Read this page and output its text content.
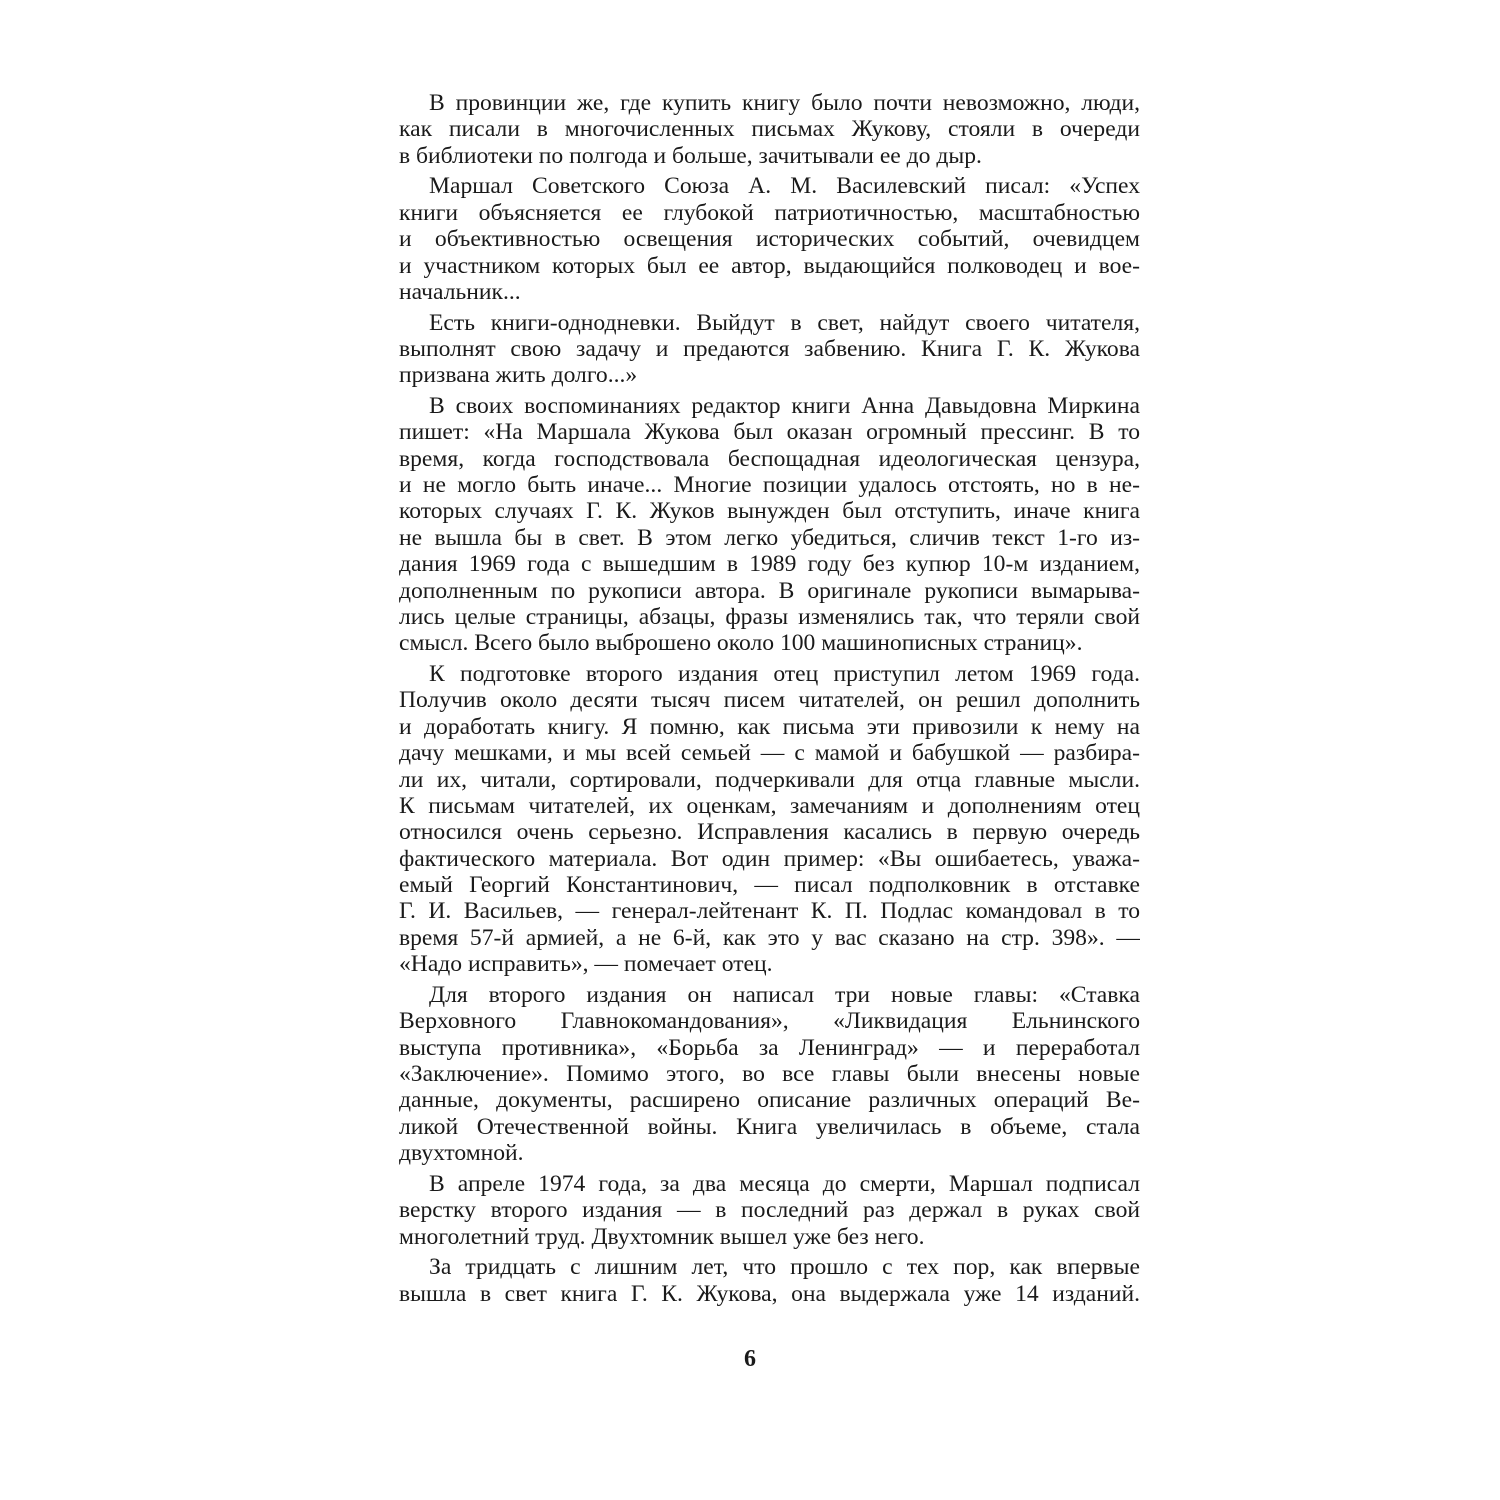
В провинции же, где купить книгу было почти невозможно, люди,
как писали в многочисленных письмах Жукову, стояли в очереди
в библиотеки по полгода и больше, зачитывали ее до дыр.
Маршал Советского Союза А. М. Василевский писал: «Успех
книги объясняется ее глубокой патриотичностью, масштабностью
и объективностью освещения исторических событий, очевидцем
и участником которых был ее автор, выдающийся полководец и вое-
начальник...
Есть книги-однодневки. Выйдут в свет, найдут своего читателя,
выполнят свою задачу и предаются забвению. Книга Г. К. Жукова
призвана жить долго...»
В своих воспоминаниях редактор книги Анна Давыдовна Миркина
пишет: «На Маршала Жукова был оказан огромный прессинг. В то
время, когда господствовала беспощадная идеологическая цензура,
и не могло быть иначе... Многие позиции удалось отстоять, но в не-
которых случаях Г. К. Жуков вынужден был отступить, иначе книга
не вышла бы в свет. В этом легко убедиться, сличив текст 1-го из-
дания 1969 года с вышедшим в 1989 году без купюр 10-м изданием,
дополненным по рукописи автора. В оригинале рукописи вымарыва-
лись целые страницы, абзацы, фразы изменялись так, что теряли свой
смысл. Всего было выброшено около 100 машинописных страниц».
К подготовке второго издания отец приступил летом 1969 года.
Получив около десяти тысяч писем читателей, он решил дополнить
и доработать книгу. Я помню, как письма эти привозили к нему на
дачу мешками, и мы всей семьей — с мамой и бабушкой — разбира-
ли их, читали, сортировали, подчеркивали для отца главные мысли.
К письмам читателей, их оценкам, замечаниям и дополнениям отец
относился очень серьезно. Исправления касались в первую очередь
фактического материала. Вот один пример: «Вы ошибаетесь, уважа-
емый Георгий Константинович, — писал подполковник в отставке
Г. И. Васильев, — генерал-лейтенант К. П. Подлас командовал в то
время 57-й армией, а не 6-й, как это у вас сказано на стр. 398». —
«Надо исправить», — помечает отец.
Для второго издания он написал три новые главы: «Ставка
Верховного Главнокомандования», «Ликвидация Ельнинского
выступа противника», «Борьба за Ленинград» — и переработал
«Заключение». Помимо этого, во все главы были внесены новые
данные, документы, расширено описание различных операций Ве-
ликой Отечественной войны. Книга увеличилась в объеме, стала
двухтомной.
В апреле 1974 года, за два месяца до смерти, Маршал подписал
верстку второго издания — в последний раз держал в руках свой
многолетний труд. Двухтомник вышел уже без него.
За тридцать с лишним лет, что прошло с тех пор, как впервые
вышла в свет книга Г. К. Жукова, она выдержала уже 14 изданий.
6
